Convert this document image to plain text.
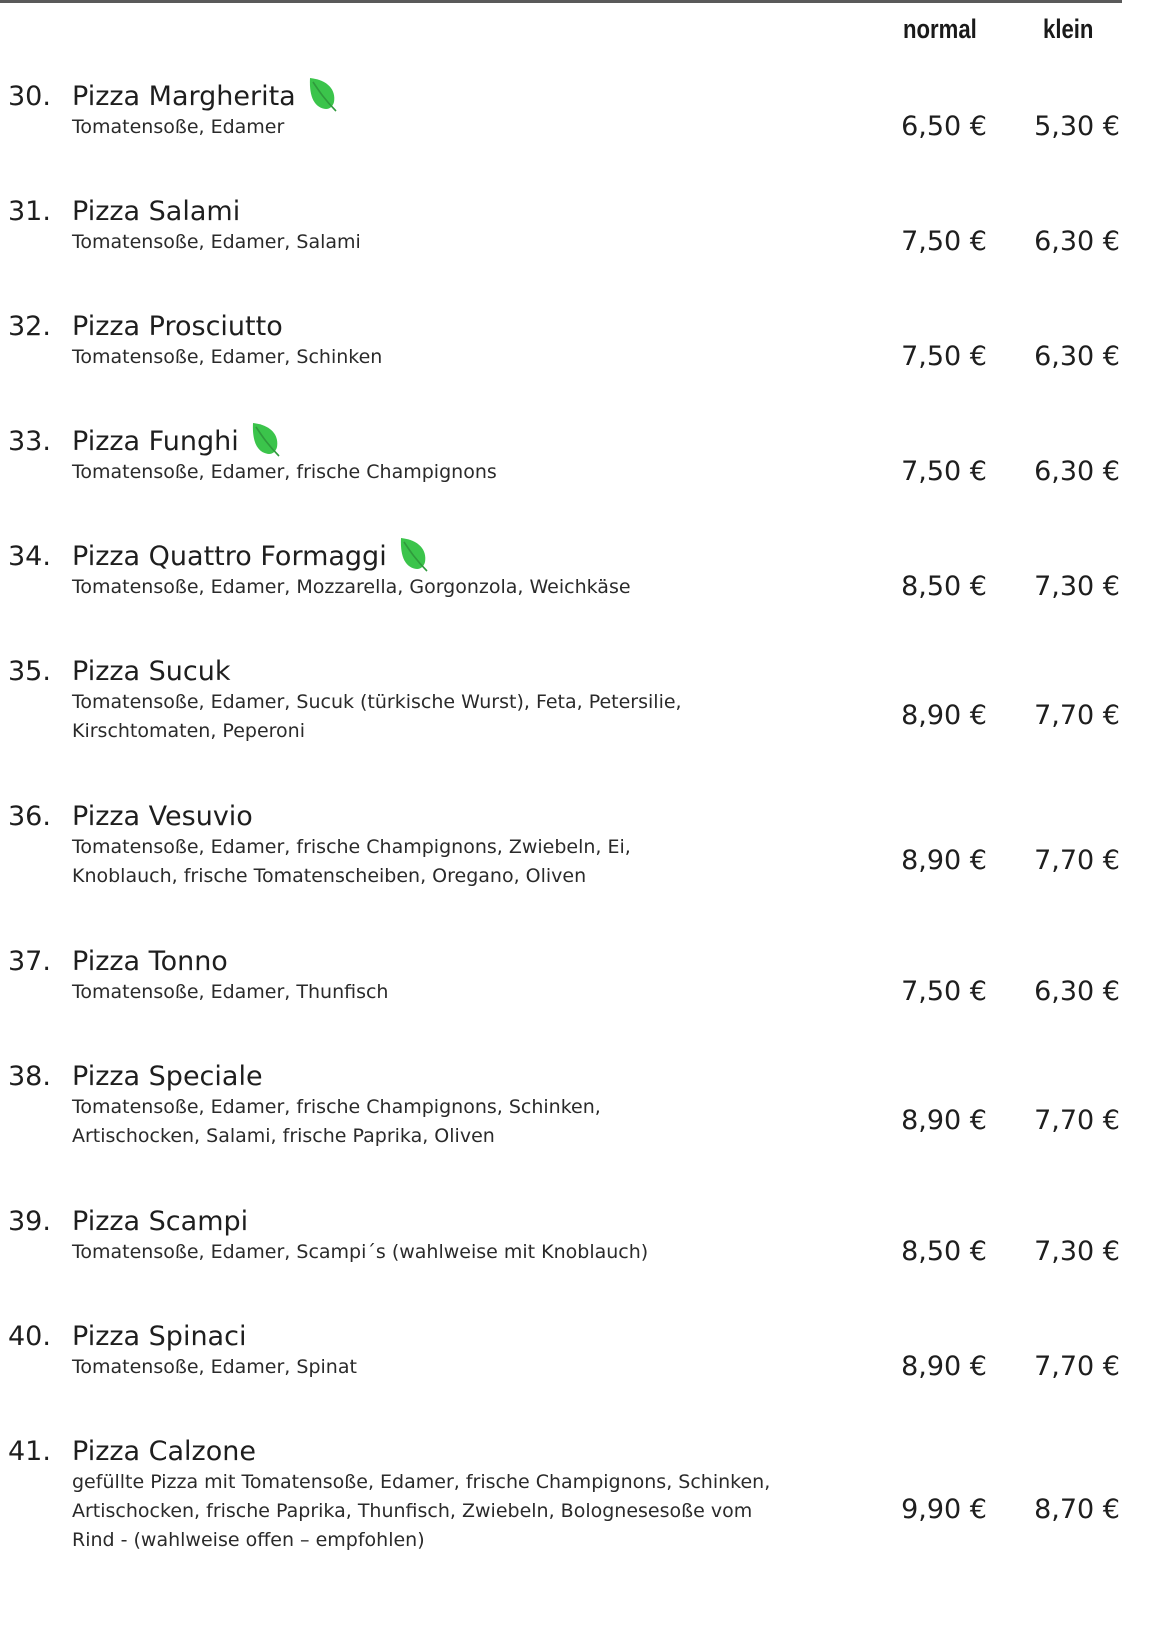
normal klein
30. Pizza Margherita
Tomatensoße, Edamer	6,50 € 5,30 €
31. Pizza Salami
Tomatensoße, Edamer, Salami	7,50 € 6,30 €
32. Pizza Prosciutto
Tomatensoße, Edamer, Schinken	7,50 € 6,30 €
33. Pizza Funghi
Tomatensoße, Edamer, frische Champignons	7,50 € 6,30 €
34. Pizza Quattro Formaggi
Tomatensoße, Edamer, Mozzarella, Gorgonzola, Weichkäse	8,50 € 7,30 €
35. Pizza Sucuk
Tomatensoße, Edamer, Sucuk (türkische Wurst), Feta, Petersilie, Kirschtomaten, Peperoni	8,90 € 7,70 €
36. Pizza Vesuvio
Tomatensoße, Edamer, frische Champignons, Zwiebeln, Ei, Knoblauch, frische Tomatenscheiben, Oregano, Oliven	8,90 € 7,70 €
37. Pizza Tonno
Tomatensoße, Edamer, Thunfisch	7,50 € 6,30 €
38. Pizza Speciale
Tomatensoße, Edamer, frische Champignons, Schinken, Artischocken, Salami, frische Paprika, Oliven	8,90 € 7,70 €
39. Pizza Scampi
Tomatensoße, Edamer, Scampi´s (wahlweise mit Knoblauch)	8,50 € 7,30 €
40. Pizza Spinaci
Tomatensoße, Edamer, Spinat	8,90 € 7,70 €
41. Pizza Calzone
gefüllte Pizza mit Tomatensoße, Edamer, frische Champignons, Schinken, Artischocken, frische Paprika, Thunfisch, Zwiebeln, Bolognesesoße vom Rind - (wahlweise offen – empfohlen)
9,90 € 8,70 €
